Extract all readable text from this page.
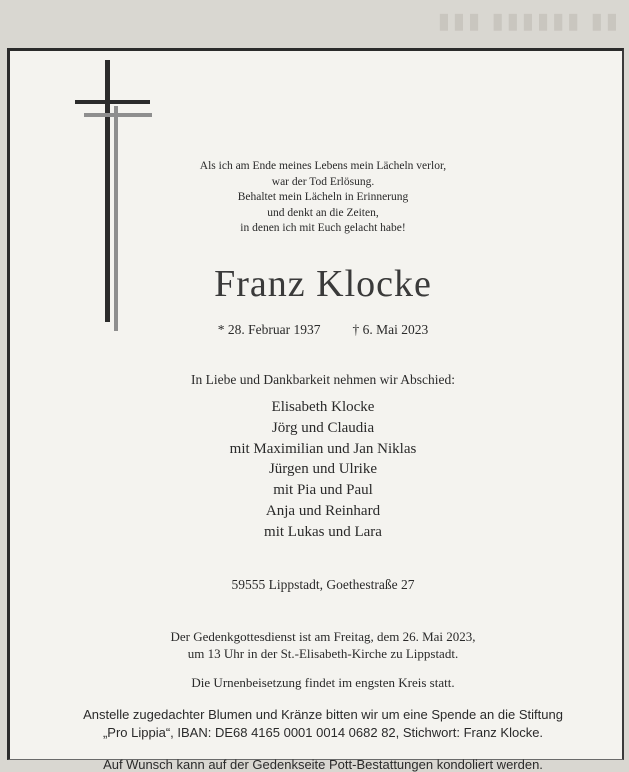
▮▮▮ ▮▮▮▮▮▮ ▮▮
Als ich am Ende meines Lebens mein Lächeln verlor,
war der Tod Erlösung.
Behaltet mein Lächeln in Erinnerung
und denkt an die Zeiten,
in denen ich mit Euch gelacht habe!
Franz Klocke
* 28. Februar 1937 † 6. Mai 2023
In Liebe und Dankbarkeit nehmen wir Abschied:
Elisabeth Klocke
Jörg und Claudia
mit Maximilian und Jan Niklas
Jürgen und Ulrike
mit Pia und Paul
Anja und Reinhard
mit Lukas und Lara
59555 Lippstadt, Goethestraße 27
Der Gedenkgottesdienst ist am Freitag, dem 26. Mai 2023,
um 13 Uhr in der St.-Elisabeth-Kirche zu Lippstadt.
Die Urnenbeisetzung findet im engsten Kreis statt.
Anstelle zugedachter Blumen und Kränze bitten wir um eine Spende an die Stiftung
„Pro Lippia“, IBAN: DE68 4165 0001 0014 0682 82, Stichwort: Franz Klocke.
Auf Wunsch kann auf der Gedenkseite Pott-Bestattungen kondoliert werden.
